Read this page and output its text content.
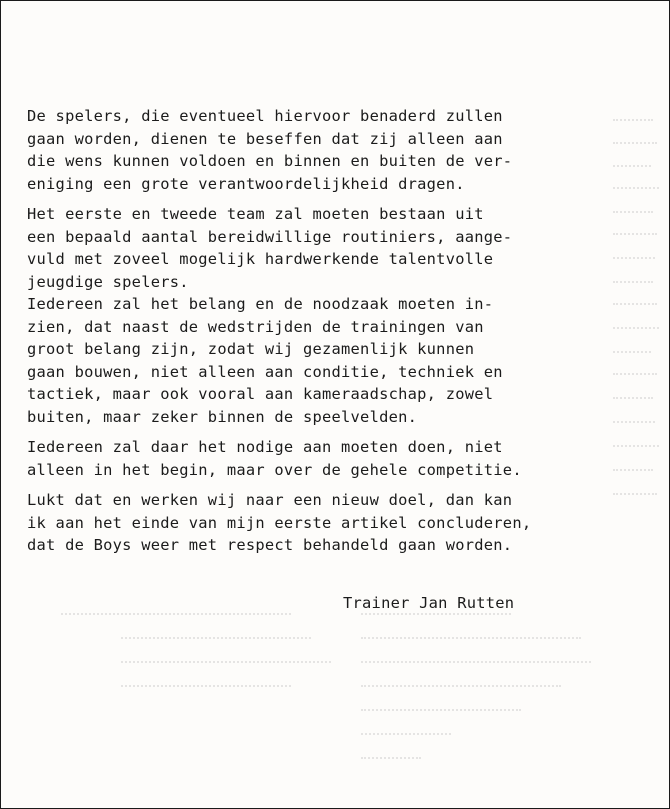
De spelers, die eventueel hiervoor benaderd zullen
gaan worden, dienen te beseffen dat zij alleen aan
die wens kunnen voldoen en binnen en buiten de ver-
eniging een grote verantwoordelijkheid dragen.

Het eerste en tweede team zal moeten bestaan uit
een bepaald aantal bereidwillige routiniers, aange-
vuld met zoveel mogelijk hardwerkende talentvolle
jeugdige spelers.

Iedereen zal het belang en de noodzaak moeten in-
zien, dat naast de wedstrijden de trainingen van
groot belang zijn, zodat wij gezamenlijk kunnen
gaan bouwen, niet alleen aan conditie, techniek en
tactiek, maar ook vooral aan kameraadschap, zowel
buiten, maar zeker binnen de speelvelden.

Iedereen zal daar het nodige aan moeten doen, niet
alleen in het begin, maar over de gehele competitie.

Lukt dat en werken wij naar een nieuw doel, dan kan
ik aan het einde van mijn eerste artikel concluderen,
dat de Boys weer met respect behandeld gaan worden.

Trainer Jan Rutten
